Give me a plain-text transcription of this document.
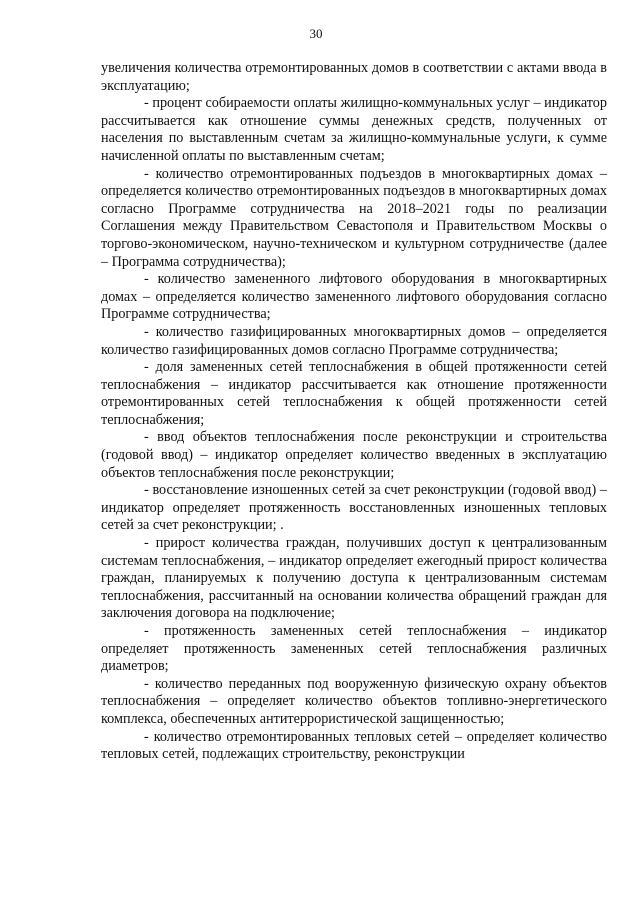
30

увеличения количества отремонтированных домов в соответствии с актами ввода в эксплуатацию;

- процент собираемости оплаты жилищно-коммунальных услуг – индикатор рассчитывается как отношение суммы денежных средств, полученных от населения по выставленным счетам за жилищно-коммунальные услуги, к сумме начисленной оплаты по выставленным счетам;

- количество отремонтированных подъездов в многоквартирных домах – определяется количество отремонтированных подъездов в многоквартирных домах согласно Программе сотрудничества на 2018–2021 годы по реализации Соглашения между Правительством Севастополя и Правительством Москвы о торгово-экономическом, научно-техническом и культурном сотрудничестве (далее – Программа сотрудничества);

- количество замененного лифтового оборудования в многоквартирных домах – определяется количество замененного лифтового оборудования согласно Программе сотрудничества;

- количество газифицированных многоквартирных домов – определяется количество газифицированных домов согласно Программе сотрудничества;

- доля замененных сетей теплоснабжения в общей протяженности сетей теплоснабжения – индикатор рассчитывается как отношение протяженности отремонтированных сетей теплоснабжения к общей протяженности сетей теплоснабжения;

- ввод объектов теплоснабжения после реконструкции и строительства (годовой ввод) – индикатор определяет количество введенных в эксплуатацию объектов теплоснабжения после реконструкции;

- восстановление изношенных сетей за счет реконструкции (годовой ввод) – индикатор определяет протяженность восстановленных изношенных тепловых сетей за счет реконструкции; .

- прирост количества граждан, получивших доступ к централизованным системам теплоснабжения, – индикатор определяет ежегодный прирост количества граждан, планируемых к получению доступа к централизованным системам теплоснабжения, рассчитанный на основании количества обращений граждан для заключения договора на подключение;

- протяженность замененных сетей теплоснабжения – индикатор определяет протяженность замененных сетей теплоснабжения различных диаметров;

- количество переданных под вооруженную физическую охрану объектов теплоснабжения – определяет количество объектов топливно-энергетического комплекса, обеспеченных антитеррористической защищенностью;

- количество отремонтированных тепловых сетей – определяет количество тепловых сетей, подлежащих строительству, реконструкции
